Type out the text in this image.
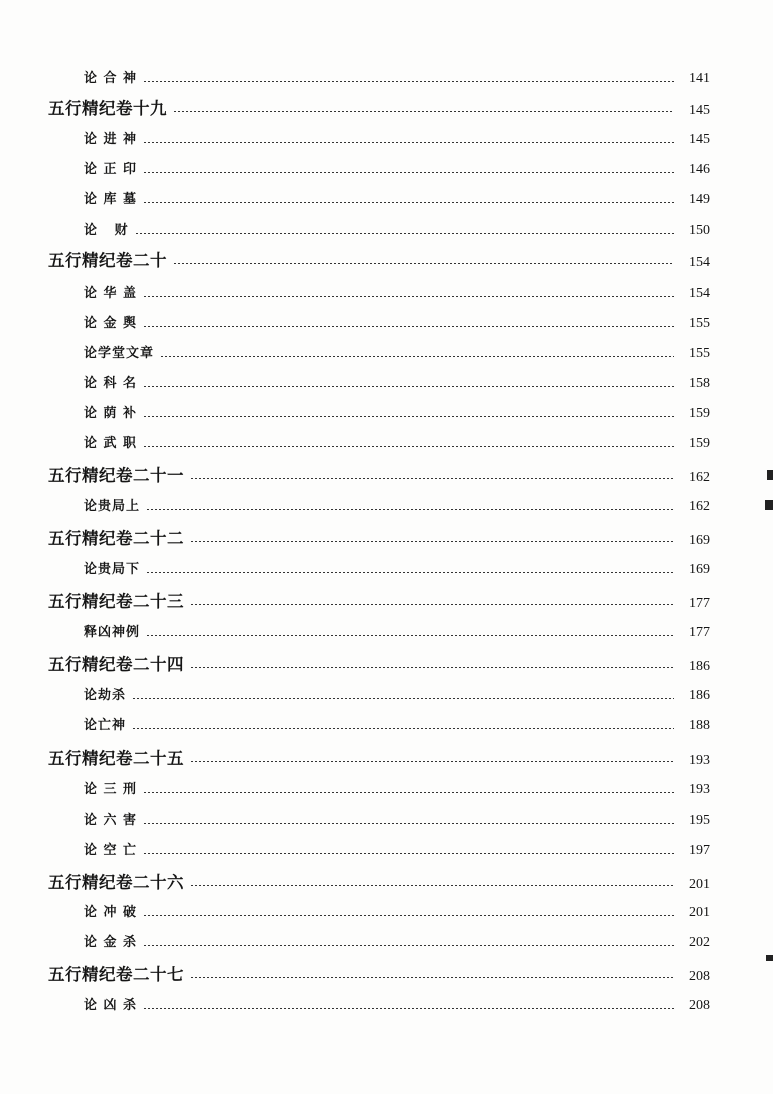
论 合 神	141
五行精纪卷十九	145
论 进 神	145
论 正 印	146
论 库 墓	149
论   财	150
五行精纪卷二十	154
论 华 盖	154
论 金 舆	155
论学堂文章	155
论 科 名	158
论 荫 补	159
论 武 职	159
五行精纪卷二十一	162
论贵局上	162
五行精纪卷二十二	169
论贵局下	169
五行精纪卷二十三	177
释凶神例	177
五行精纪卷二十四	186
论劫杀	186
论亡神	188
五行精纪卷二十五	193
论 三 刑	193
论 六 害	195
论 空 亡	197
五行精纪卷二十六	201
论 冲 破	201
论 金 杀	202
五行精纪卷二十七	208
论 凶 杀	208
